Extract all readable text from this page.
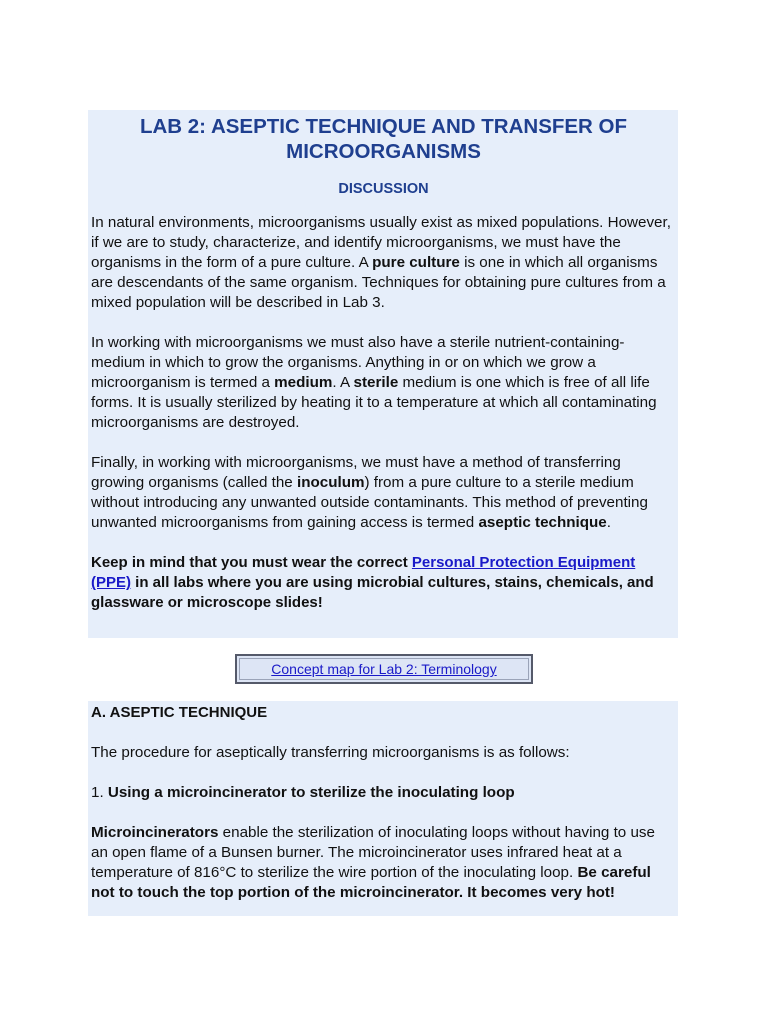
LAB 2: ASEPTIC TECHNIQUE AND TRANSFER OF MICROORGANISMS
DISCUSSION

In natural environments, microorganisms usually exist as mixed populations. However, if we are to study, characterize, and identify microorganisms, we must have the organisms in the form of a pure culture. A pure culture is one in which all organisms are descendants of the same organism. Techniques for obtaining pure cultures from a mixed population will be described in Lab 3.

In working with microorganisms we must also have a sterile nutrient-containing-medium in which to grow the organisms. Anything in or on which we grow a microorganism is termed a medium. A sterile medium is one which is free of all life forms. It is usually sterilized by heating it to a temperature at which all contaminating microorganisms are destroyed.

Finally, in working with microorganisms, we must have a method of transferring growing organisms (called the inoculum) from a pure culture to a sterile medium without introducing any unwanted outside contaminants. This method of preventing unwanted microorganisms from gaining access is termed aseptic technique.

Keep in mind that you must wear the correct Personal Protection Equipment (PPE) in all labs where you are using microbial cultures, stains, chemicals, and glassware or microscope slides!

Concept map for Lab 2: Terminology
A. ASEPTIC TECHNIQUE

The procedure for aseptically transferring microorganisms is as follows:

1. Using a microincinerator to sterilize the inoculating loop

Microincinerators enable the sterilization of inoculating loops without having to use an open flame of a Bunsen burner. The microincinerator uses infrared heat at a temperature of 816°C to sterilize the wire portion of the inoculating loop. Be careful not to touch the top portion of the microincinerator. It becomes very hot!
